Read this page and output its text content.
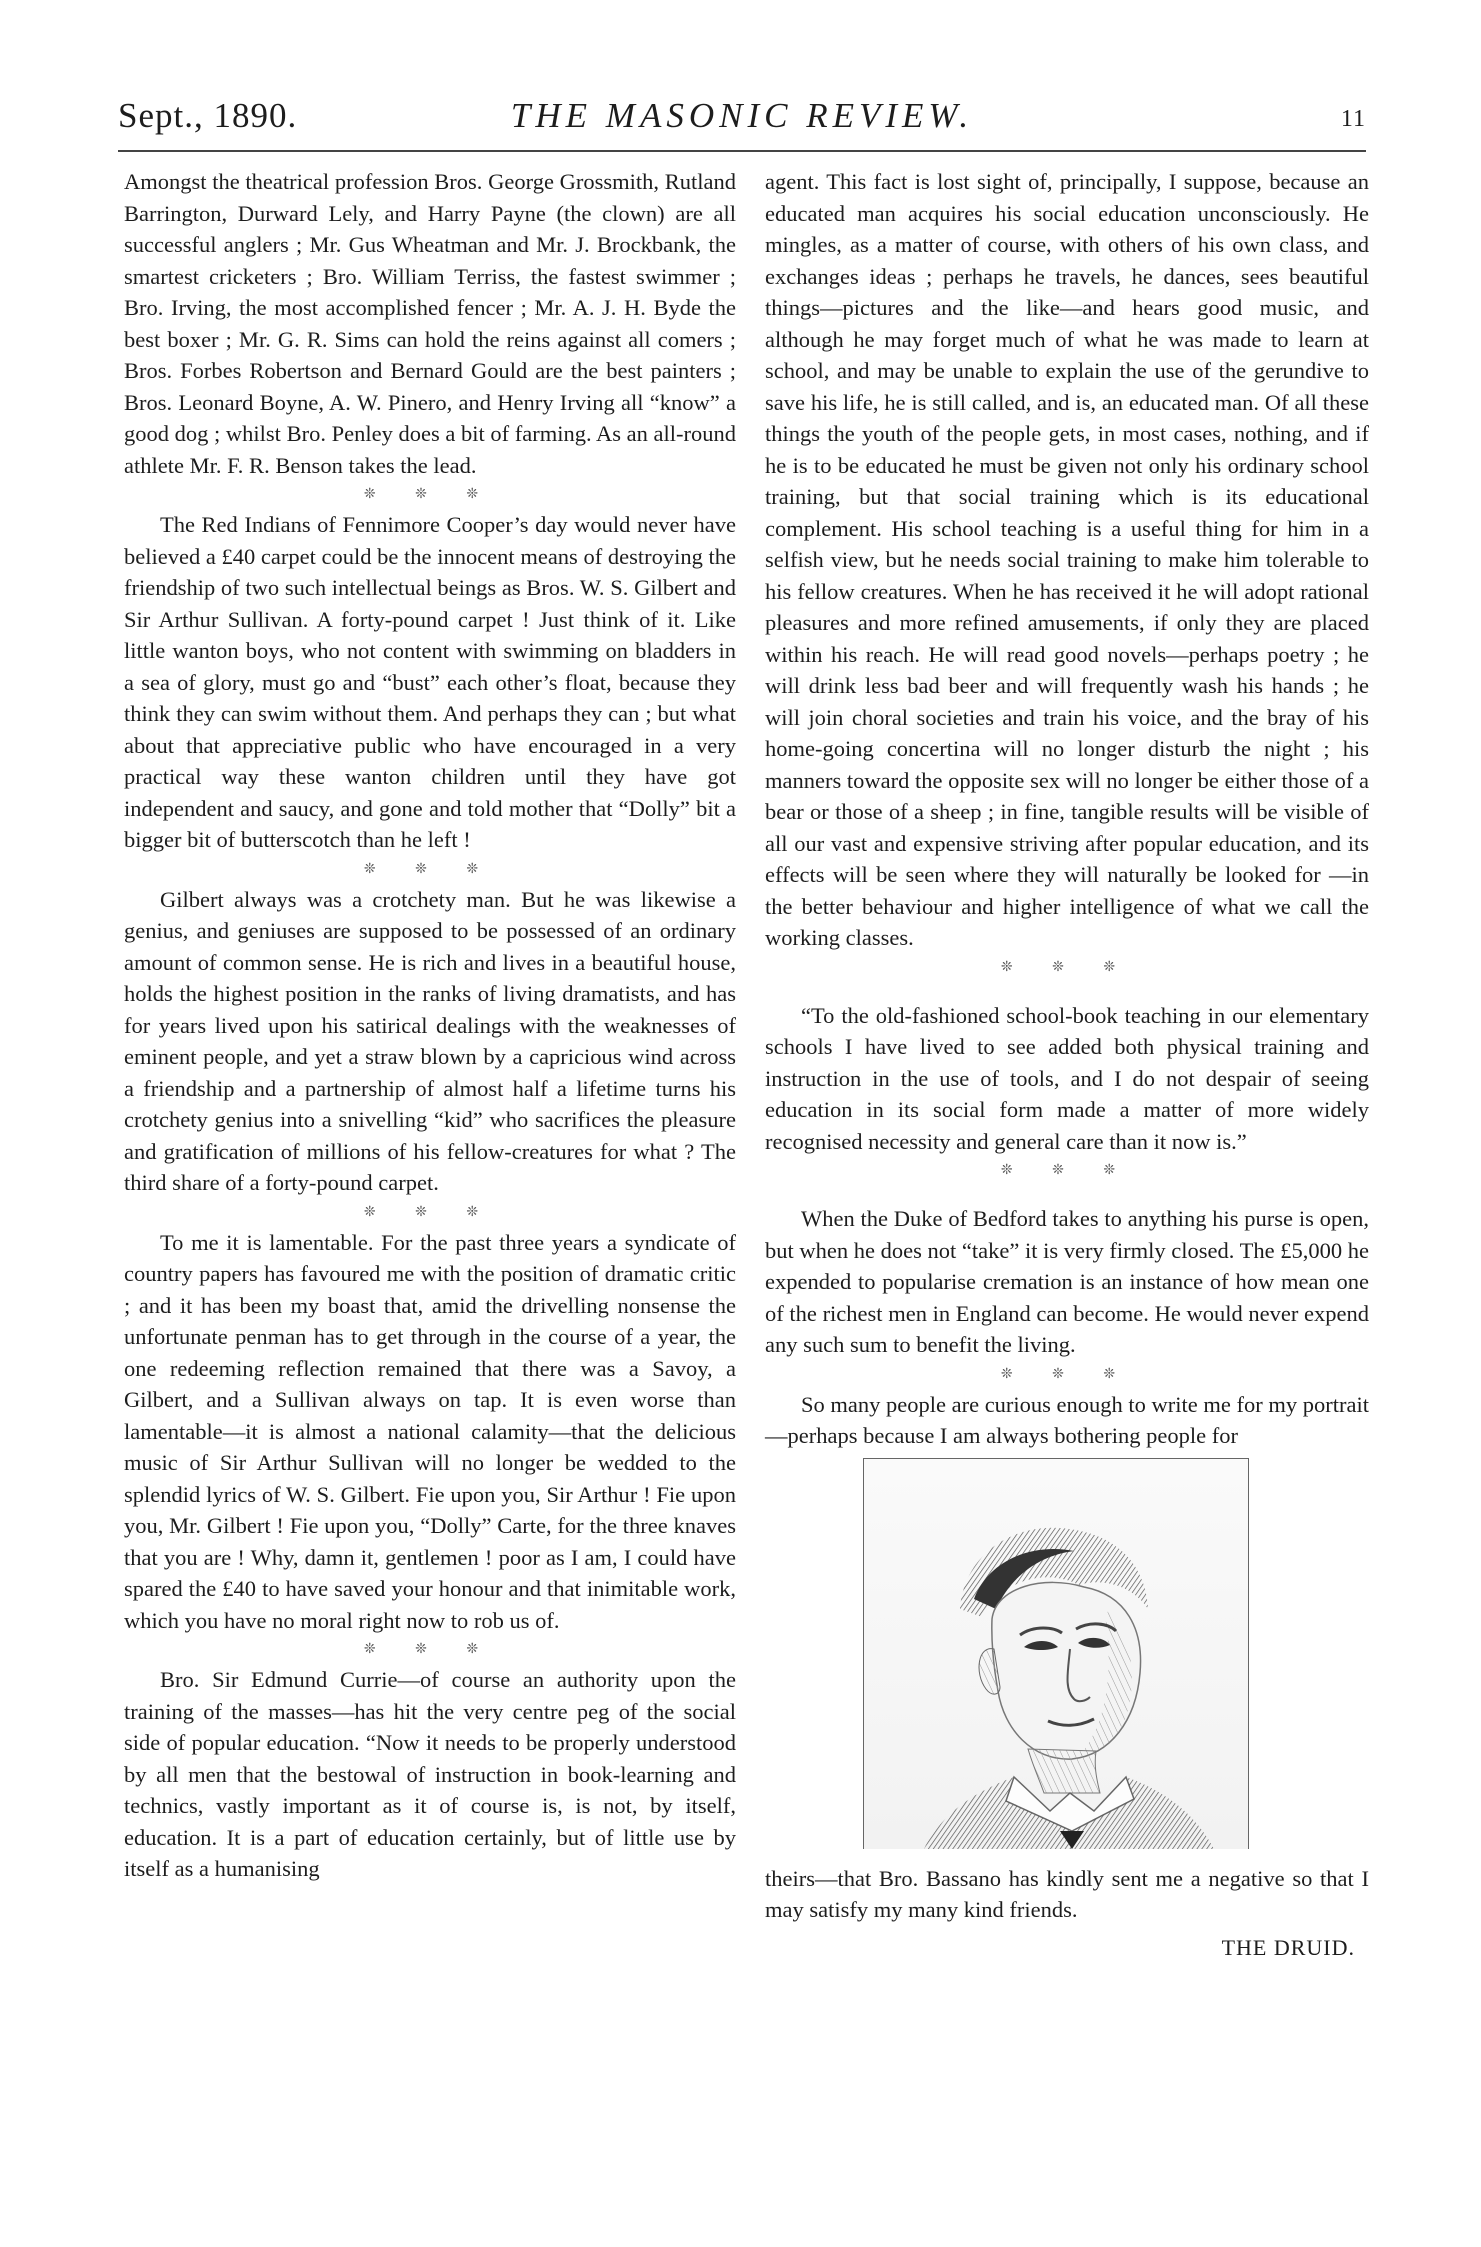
Sept., 1890.	THE MASONIC REVIEW.	11

Amongst the theatrical profession Bros. George Grossmith, Rutland Barrington, Durward Lely, and Harry Payne (the clown) are all successful anglers ; Mr. Gus Wheatman and Mr. J. Brockbank, the smartest cricketers ; Bro. William Terriss, the fastest swimmer ; Bro. Irving, the most accomplished fencer ; Mr. A. J. H. Byde the best boxer ; Mr. G. R. Sims can hold the reins against all comers ; Bros. Forbes Robertson and Bernard Gould are the best painters ; Bros. Leonard Boyne, A. W. Pinero, and Henry Irving all “know” a good dog ; whilst Bro. Penley does a bit of farming. As an all-round athlete Mr. F. R. Benson takes the lead.

❊ ❊ ❊

The Red Indians of Fennimore Cooper’s day would never have believed a £40 carpet could be the innocent means of destroying the friendship of two such intellectual beings as Bros. W. S. Gilbert and Sir Arthur Sullivan. A forty-pound carpet ! Just think of it. Like little wanton boys, who not content with swimming on bladders in a sea of glory, must go and “bust” each other’s float, because they think they can swim without them. And perhaps they can ; but what about that appreciative public who have encouraged in a very practical way these wanton children until they have got independent and saucy, and gone and told mother that “Dolly” bit a bigger bit of butterscotch than he left !

❊ ❊ ❊

Gilbert always was a crotchety man. But he was likewise a genius, and geniuses are supposed to be possessed of an ordinary amount of common sense. He is rich and lives in a beautiful house, holds the highest position in the ranks of living dramatists, and has for years lived upon his satirical dealings with the weaknesses of eminent people, and yet a straw blown by a capricious wind across a friendship and a partnership of almost half a lifetime turns his crotchety genius into a snivelling “kid” who sacrifices the pleasure and gratification of millions of his fellow-creatures for what ? The third share of a forty-pound carpet.

❊ ❊ ❊

To me it is lamentable. For the past three years a syndicate of country papers has favoured me with the position of dramatic critic ; and it has been my boast that, amid the drivelling nonsense the unfortunate penman has to get through in the course of a year, the one redeeming reflection remained that there was a Savoy, a Gilbert, and a Sullivan always on tap. It is even worse than lamentable—it is almost a national calamity—that the delicious music of Sir Arthur Sullivan will no longer be wedded to the splendid lyrics of W. S. Gilbert. Fie upon you, Sir Arthur ! Fie upon you, Mr. Gilbert ! Fie upon you, “Dolly” Carte, for the three knaves that you are ! Why, damn it, gentlemen ! poor as I am, I could have spared the £40 to have saved your honour and that inimitable work, which you have no moral right now to rob us of.

❊ ❊ ❊

Bro. Sir Edmund Currie—of course an authority upon the training of the masses—has hit the very centre peg of the social side of popular education. “Now it needs to be properly understood by all men that the bestowal of instruction in book-learning and technics, vastly important as it of course is, is not, by itself, education. It is a part of education certainly, but of little use by itself as a humanising

agent. This fact is lost sight of, principally, I suppose, because an educated man acquires his social education unconsciously. He mingles, as a matter of course, with others of his own class, and exchanges ideas ; perhaps he travels, he dances, sees beautiful things—pictures and the like—and hears good music, and although he may forget much of what he was made to learn at school, and may be unable to explain the use of the gerundive to save his life, he is still called, and is, an educated man. Of all these things the youth of the people gets, in most cases, nothing, and if he is to be educated he must be given not only his ordinary school training, but that social training which is its educational complement. His school teaching is a useful thing for him in a selfish view, but he needs social training to make him tolerable to his fellow creatures. When he has received it he will adopt rational pleasures and more refined amusements, if only they are placed within his reach. He will read good novels—perhaps poetry ; he will drink less bad beer and will frequently wash his hands ; he will join choral societies and train his voice, and the bray of his home-going concertina will no longer disturb the night ; his manners toward the opposite sex will no longer be either those of a bear or those of a sheep ; in fine, tangible results will be visible of all our vast and expensive striving after popular education, and its effects will be seen where they will naturally be looked for —in the better behaviour and higher intelligence of what we call the working classes.

❊ ❊ ❊

“To the old-fashioned school-book teaching in our elementary schools I have lived to see added both physical training and instruction in the use of tools, and I do not despair of seeing education in its social form made a matter of more widely recognised necessity and general care than it now is.”

❊ ❊ ❊

When the Duke of Bedford takes to anything his purse is open, but when he does not “take” it is very firmly closed. The £5,000 he expended to popularise cremation is an instance of how mean one of the richest men in England can become. He would never expend any such sum to benefit the living.

❊ ❊ ❊

So many people are curious enough to write me for my portrait—perhaps because I am always bothering people for

theirs—that Bro. Bassano has kindly sent me a negative so that I may satisfy my many kind friends.

THE DRUID.
